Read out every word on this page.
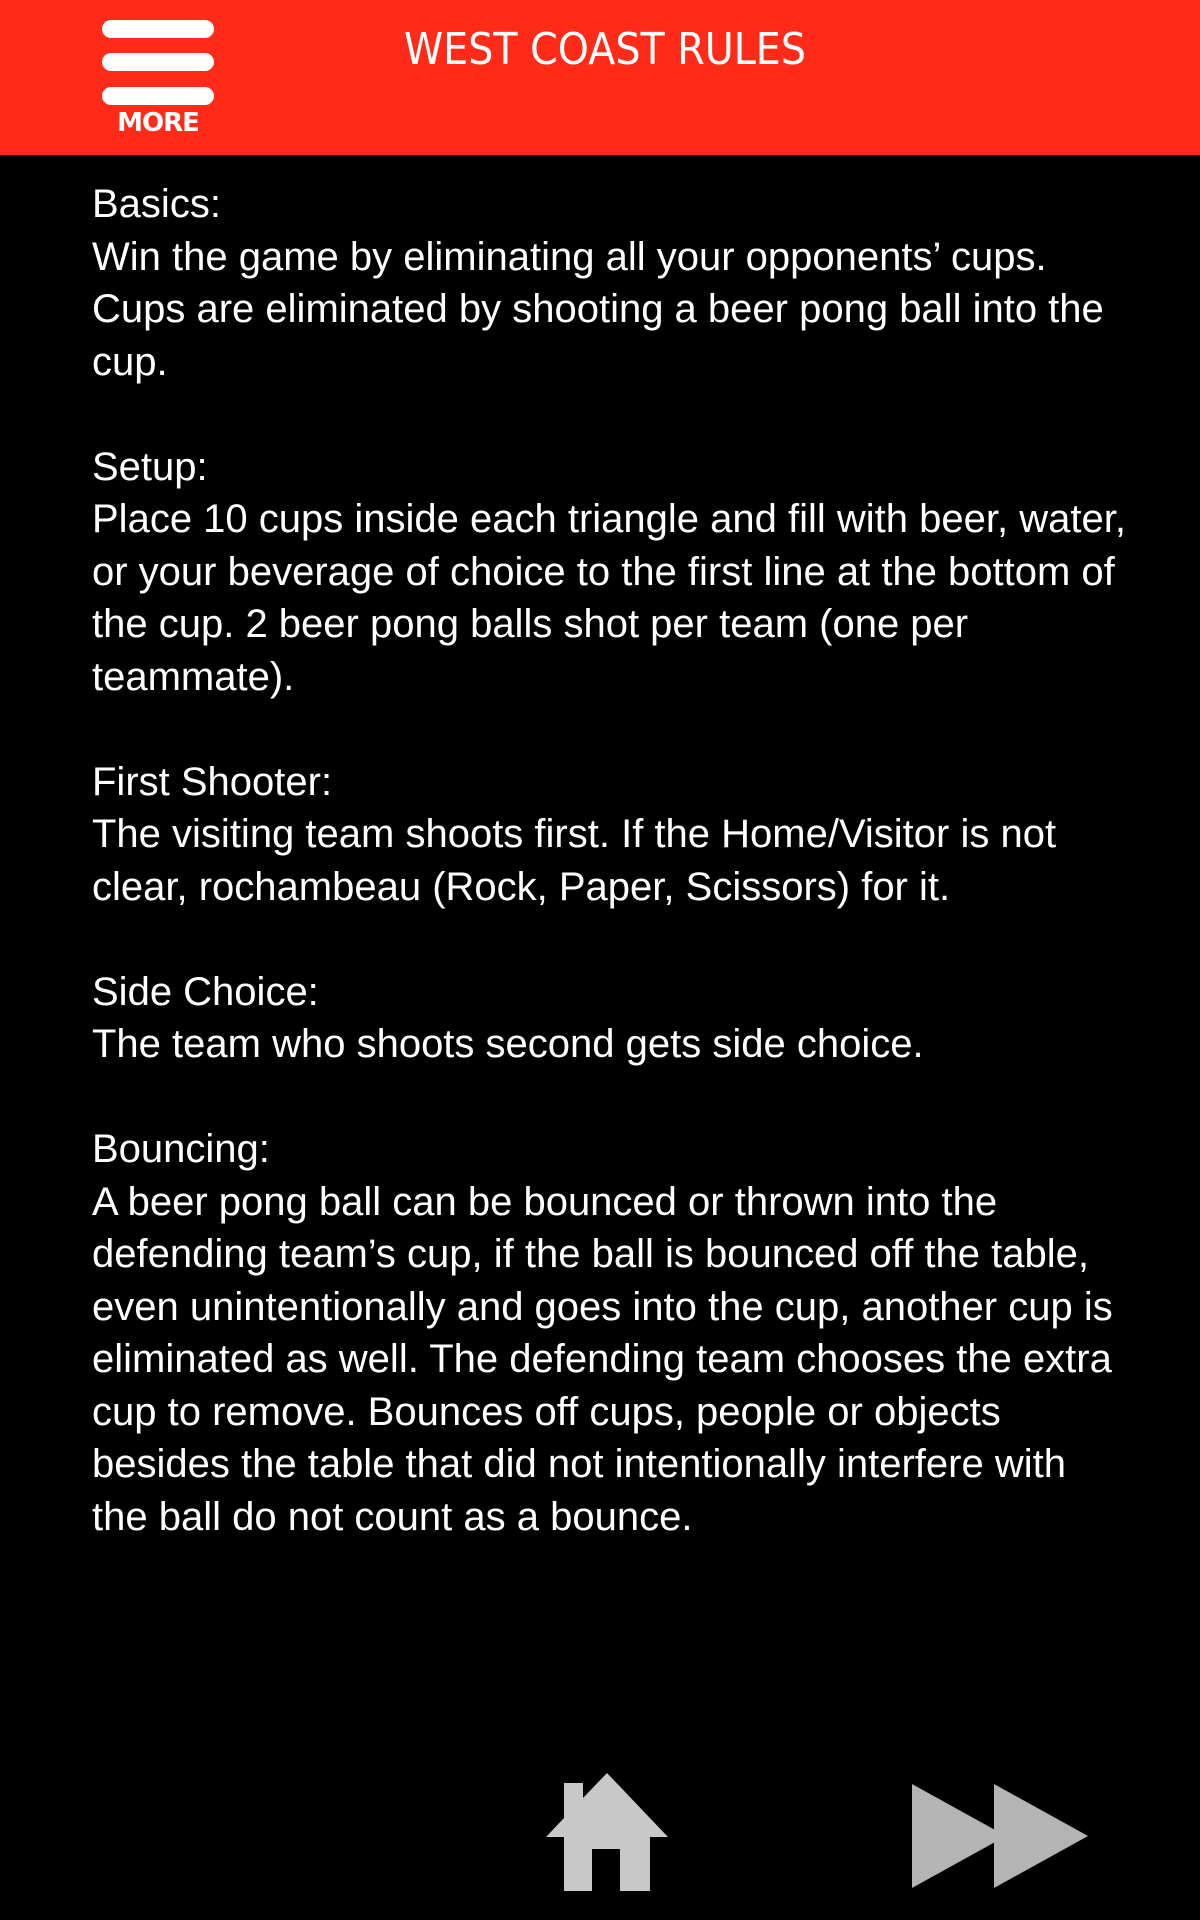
MORE
WEST COAST RULES
Basics:
Win the game by eliminating all your opponents’ cups. Cups are eliminated by shooting a beer pong ball into the cup.
Setup:
Place 10 cups inside each triangle and fill with beer, water, or your beverage of choice to the first line at the bottom of the cup. 2 beer pong balls shot per team (one per teammate).
First Shooter:
The visiting team shoots first. If the Home/Visitor is not clear, rochambeau (Rock, Paper, Scissors) for it.
Side Choice:
The team who shoots second gets side choice.
Bouncing:
A beer pong ball can be bounced or thrown into the defending team’s cup, if the ball is bounced off the table, even unintentionally and goes into the cup, another cup is eliminated as well. The defending team chooses the extra cup to remove. Bounces off cups, people or objects besides the table that did not intentionally interfere with the ball do not count as a bounce.
